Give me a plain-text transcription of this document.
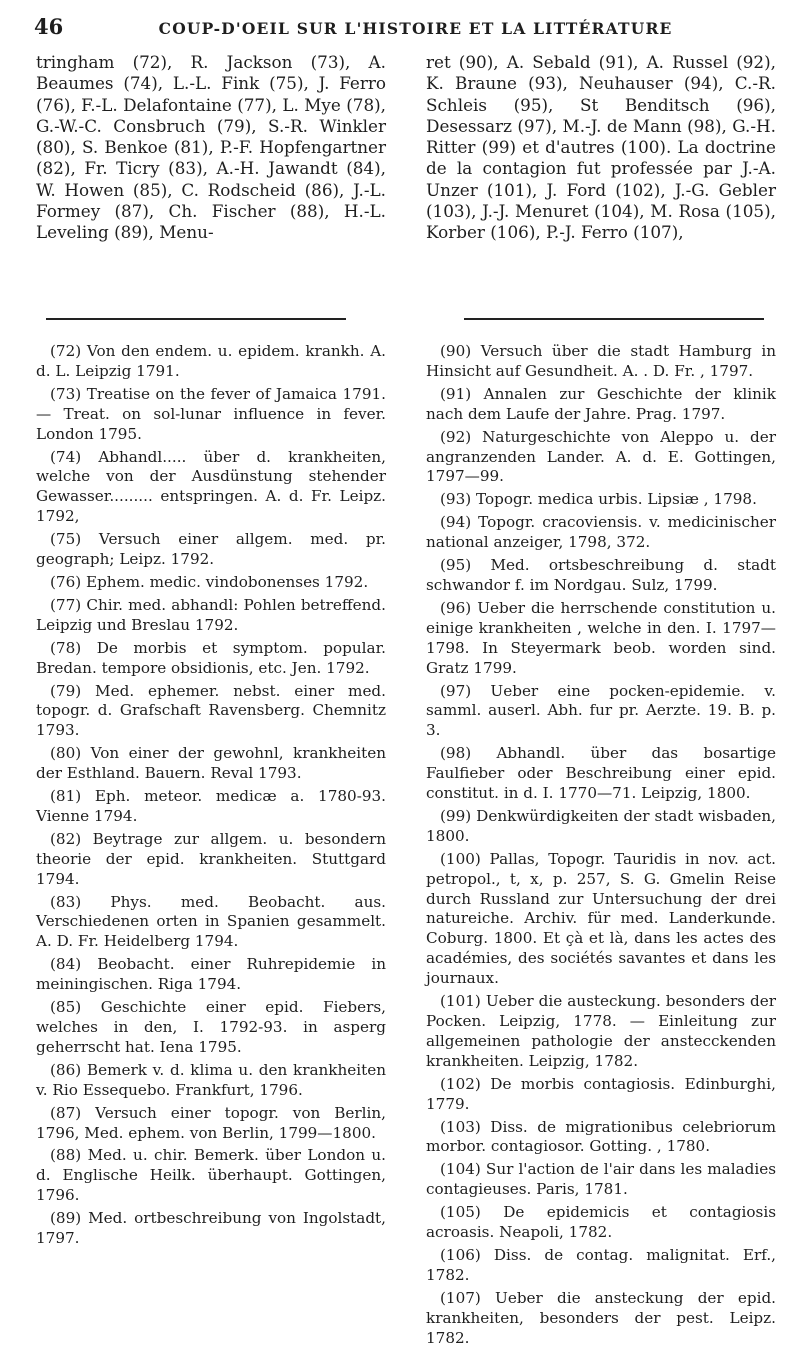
46	COUP-D'OEIL SUR L'HISTOIRE ET LA LITTÉRATURE
tringham (72), R. Jackson (73), A. Beaumes (74), L.-L. Fink (75), J. Ferro (76), F.-L. Delafontaine (77), L. Mye (78), G.-W.-C. Consbruch (79), S.-R. Winkler (80), S. Benkoe (81), P.-F. Hopfengartner (82), Fr. Ticry (83), A.-H. Jawandt (84), W. Howen (85), C. Rodscheid (86), J.-L. Formey (87), Ch. Fischer (88), H.-L. Leveling (89), Menu-
ret (90), A. Sebald (91), A. Russel (92), K. Braune (93), Neuhauser (94), C.-R. Schleis (95), St Benditsch (96), Desessarz (97), M.-J. de Mann (98), G.-H. Ritter (99) et d'autres (100). La doctrine de la contagion fut professée par J.-A. Unzer (101), J. Ford (102), J.-G. Gebler (103), J.-J. Menuret (104), M. Rosa (105), Korber (106), P.-J. Ferro (107),

(72) Von den endem. u. epidem. krankh. A. d. L. Leipzig 1791.

(73) Treatise on the fever of Jamaica 1791. — Treat. on sol-lunar influence in fever. London 1795.

(74) Abhandl..... über d. krankheiten, welche von der Ausdünstung stehender Gewasser......... entspringen. A. d. Fr. Leipz. 1792,

(75) Versuch einer allgem. med. pr. geograph; Leipz. 1792.

(76) Ephem. medic. vindobonenses 1792.

(77) Chir. med. abhandl: Pohlen betreffend. Leipzig und Breslau 1792.

(78) De morbis et symptom. popular. Bredan. tempore obsidionis, etc. Jen. 1792.

(79) Med. ephemer. nebst. einer med. topogr. d. Grafschaft Ravensberg. Chemnitz 1793.

(80) Von einer der gewohnl, krankheiten der Esthland. Bauern. Reval 1793.

(81) Eph. meteor. medicæ a. 1780-93. Vienne 1794.

(82) Beytrage zur allgem. u. besondern theorie der epid. krankheiten. Stuttgard 1794.

(83) Phys. med. Beobacht. aus. Verschiedenen orten in Spanien gesammelt. A. D. Fr. Heidelberg 1794.

(84) Beobacht. einer Ruhrepidemie in meiningischen. Riga 1794.

(85) Geschichte einer epid. Fiebers, welches in den, I. 1792-93. in asperg geherrscht hat. Iena 1795.

(86) Bemerk v. d. klima u. den krankheiten v. Rio Essequebo. Frankfurt, 1796.

(87) Versuch einer topogr. von Berlin, 1796, Med. ephem. von Berlin, 1799—1800.

(88) Med. u. chir. Bemerk. über London u. d. Englische Heilk. überhaupt. Gottingen, 1796.

(89) Med. ortbeschreibung von Ingolstadt, 1797.

(90) Versuch über die stadt Hamburg in Hinsicht auf Gesundheit. A. . D. Fr. , 1797.

(91) Annalen zur Geschichte der klinik nach dem Laufe der Jahre. Prag. 1797.

(92) Naturgeschichte von Aleppo u. der angranzenden Lander. A. d. E. Gottingen, 1797—99.

(93) Topogr. medica urbis. Lipsiæ , 1798.

(94) Topogr. cracoviensis. v. medicinischer national anzeiger, 1798, 372.

(95) Med. ortsbeschreibung d. stadt schwandor f. im Nordgau. Sulz, 1799.

(96) Ueber die herrschende constitution u. einige krankheiten , welche in den. I. 1797—1798. In Steyermark beob. worden sind. Gratz 1799.

(97) Ueber eine pocken-epidemie. v. samml. auserl. Abh. fur pr. Aerzte. 19. B. p. 3.

(98) Abhandl. über das bosartige Faulfieber oder Beschreibung einer epid. constitut. in d. I. 1770—71. Leipzig, 1800.

(99) Denkwürdigkeiten der stadt wisbaden, 1800.

(100) Pallas, Topogr. Tauridis in nov. act. petropol., t, x, p. 257, S. G. Gmelin Reise durch Russland zur Untersuchung der drei natureiche. Archiv. für med. Landerkunde. Coburg. 1800. Et çà et là, dans les actes des académies, des sociétés savantes et dans les journaux.

(101) Ueber die austeckung. besonders der Pocken. Leipzig, 1778. — Einleitung zur allgemeinen pathologie der anstecckenden krankheiten. Leipzig, 1782.

(102) De morbis contagiosis. Edinburghi, 1779.

(103) Diss. de migrationibus celebriorum morbor. contagiosor. Gotting. , 1780.

(104) Sur l'action de l'air dans les maladies contagieuses. Paris, 1781.

(105) De epidemicis et contagiosis acroasis. Neapoli, 1782.

(106) Diss. de contag. malignitat. Erf., 1782.

(107) Ueber die ansteckung der epid. krankheiten, besonders der pest. Leipz. 1782.
